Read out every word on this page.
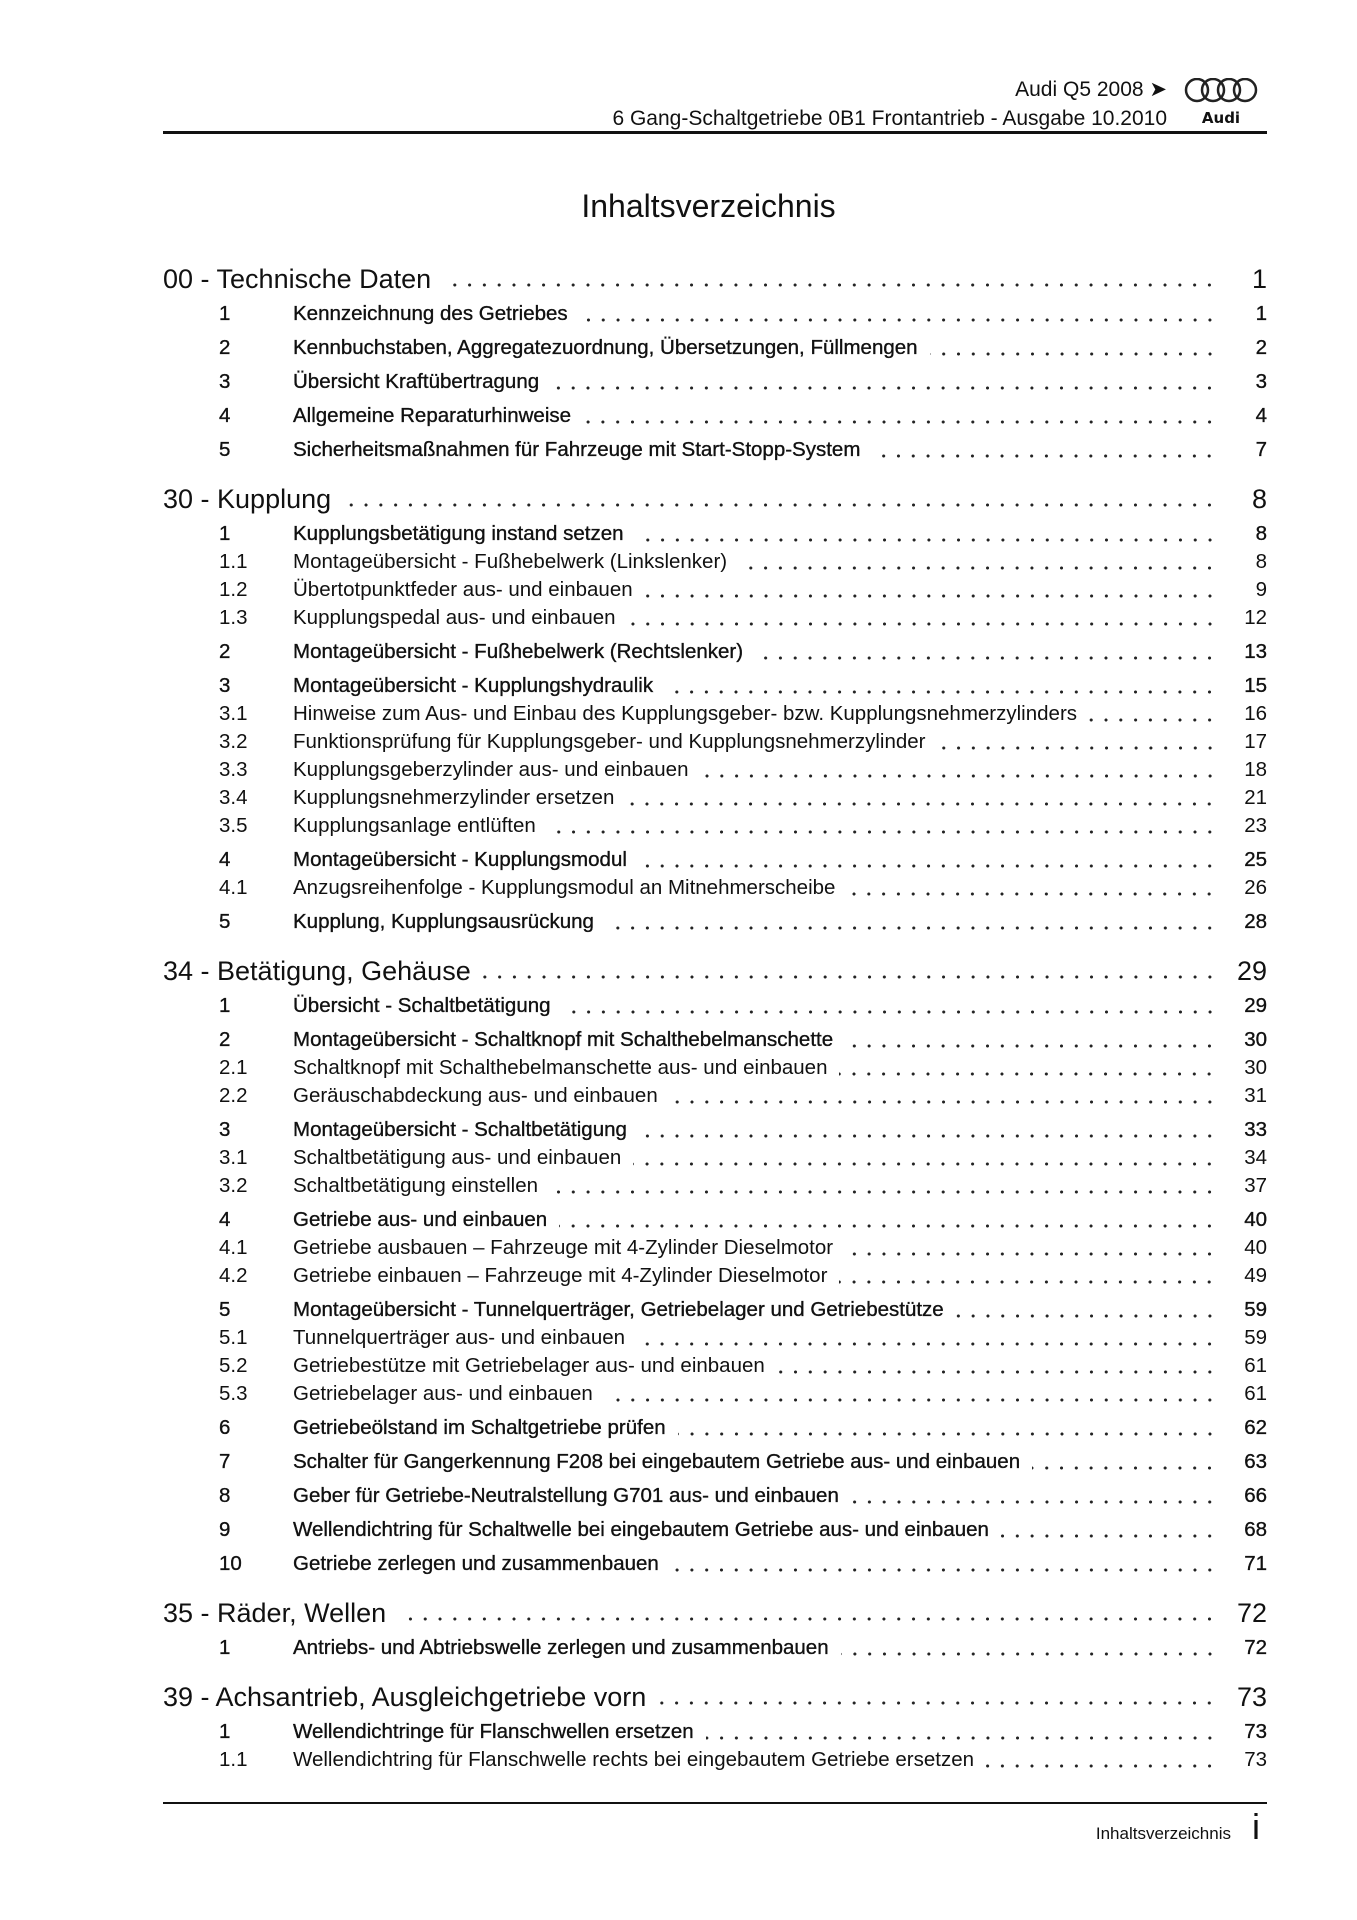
Audi Q5 2008 ➤
6 Gang-Schaltgetriebe 0B1 Frontantrieb - Ausgabe 10.2010 Audi
Inhaltsverzeichnis
00 - Technische Daten	1
1	Kennzeichnung des Getriebes	1
2	Kennbuchstaben, Aggregatezuordnung, Übersetzungen, Füllmengen	2
3	Übersicht Kraftübertragung	3
4	Allgemeine Reparaturhinweise	4
5	Sicherheitsmaßnahmen für Fahrzeuge mit Start-Stopp-System	7
30 - Kupplung	8
1	Kupplungsbetätigung instand setzen	8
1.1	Montageübersicht - Fußhebelwerk (Linkslenker)	8
1.2	Übertotpunktfeder aus- und einbauen	9
1.3	Kupplungspedal aus- und einbauen	12
2	Montageübersicht - Fußhebelwerk (Rechtslenker)	13
3	Montageübersicht - Kupplungshydraulik	15
3.1	Hinweise zum Aus- und Einbau des Kupplungsgeber- bzw. Kupplungsnehmerzylinders	16
3.2	Funktionsprüfung für Kupplungsgeber- und Kupplungsnehmerzylinder	17
3.3	Kupplungsgeberzylinder aus- und einbauen	18
3.4	Kupplungsnehmerzylinder ersetzen	21
3.5	Kupplungsanlage entlüften	23
4	Montageübersicht - Kupplungsmodul	25
4.1	Anzugsreihenfolge - Kupplungsmodul an Mitnehmerscheibe	26
5	Kupplung, Kupplungsausrückung	28
34 - Betätigung, Gehäuse	29
1	Übersicht - Schaltbetätigung	29
2	Montageübersicht - Schaltknopf mit Schalthebelmanschette	30
2.1	Schaltknopf mit Schalthebelmanschette aus- und einbauen	30
2.2	Geräuschabdeckung aus- und einbauen	31
3	Montageübersicht - Schaltbetätigung	33
3.1	Schaltbetätigung aus- und einbauen	34
3.2	Schaltbetätigung einstellen	37
4	Getriebe aus- und einbauen	40
4.1	Getriebe ausbauen – Fahrzeuge mit 4-Zylinder Dieselmotor	40
4.2	Getriebe einbauen – Fahrzeuge mit 4-Zylinder Dieselmotor	49
5	Montageübersicht - Tunnelquerträger, Getriebelager und Getriebestütze	59
5.1	Tunnelquerträger aus- und einbauen	59
5.2	Getriebestütze mit Getriebelager aus- und einbauen	61
5.3	Getriebelager aus- und einbauen	61
6	Getriebeölstand im Schaltgetriebe prüfen	62
7	Schalter für Gangerkennung F208 bei eingebautem Getriebe aus- und einbauen	63
8	Geber für Getriebe-Neutralstellung G701 aus- und einbauen	66
9	Wellendichtring für Schaltwelle bei eingebautem Getriebe aus- und einbauen	68
10	Getriebe zerlegen und zusammenbauen	71
35 - Räder, Wellen	72
1	Antriebs- und Abtriebswelle zerlegen und zusammenbauen	72
39 - Achsantrieb, Ausgleichgetriebe vorn	73
1	Wellendichtringe für Flanschwellen ersetzen	73
1.1	Wellendichtring für Flanschwelle rechts bei eingebautem Getriebe ersetzen	73
Inhaltsverzeichnis i
